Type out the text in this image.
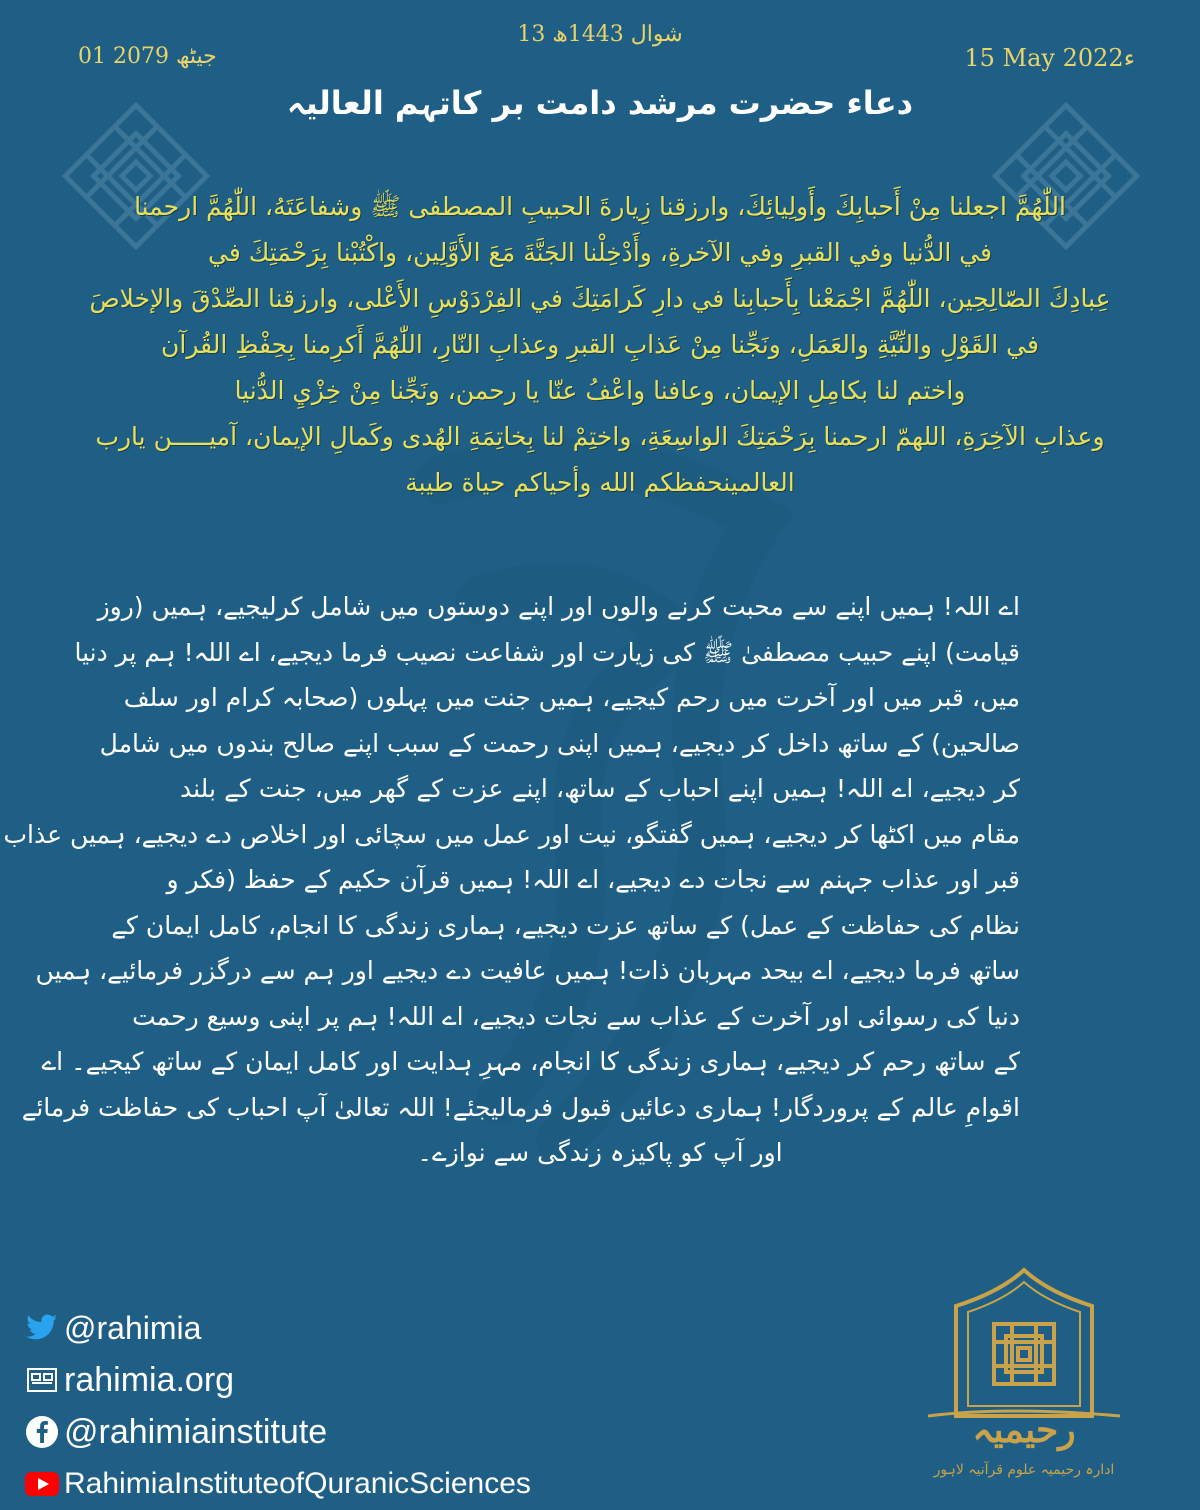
01 جیٹھ 2079
13 شوال 1443ھ
15 May 2022ء
دعاء حضرت مرشد دامت بر کاتہم العالیہ
اللّٰهُمَّ اجعلنا مِنْ أَحبابِكَ وأَولِيائِكَ، وارزقنا زِيارةَ الحبيبِ المصطفى ﷺ وشفاعَتَهُ، اللّٰهُمَّ ارحمنا
في الدُّنيا وفي القبرِ وفي الآخرةِ، وأَدْخِلْنا الجَنَّةَ مَعَ الأَوَّلِين، واكْتُبْنا بِرَحْمَتِكَ في
عِبادِكَ الصّالِحِين، اللّٰهُمَّ اجْمَعْنا بِأَحبابِنا في دارِ كَرامَتِكَ في الفِرْدَوْسِ الأَعْلى، وارزقنا الصِّدْقَ والإخلاصَ
في القَوْلِ والنِّيَّةِ والعَمَلِ، ونَجِّنا مِنْ عَذابِ القبرِ وعذابِ النّارِ، اللّٰهُمَّ أَكرِمنا بِحِفْظِ القُرآن
واختم لنا بكامِلِ الإيمان، وعافنا واعْفُ عنّا يا رحمن، ونَجِّنا مِنْ خِزْيِ الدُّنيا
وعذابِ الآخِرَةِ، اللهمّ ارحمنا بِرَحْمَتِكَ الواسِعَةِ، واختِمْ لنا بِخاتِمَةِ الهُدى وكَمالِ الإيمان، آمیـــــن یارب
العالمینحفظکم الله وأحیاکم حیاة طیبة
اے اللہ! ہمیں اپنے سے محبت کرنے والوں اور اپنے دوستوں میں شامل کرلیجیے، ہمیں (روز
قیامت) اپنے حبیب مصطفیٰ ﷺ کی زیارت اور شفاعت نصیب فرما دیجیے، اے اللہ! ہم پر دنیا
میں، قبر میں اور آخرت میں رحم کیجیے، ہمیں جنت میں پہلوں (صحابہ کرام اور سلف
صالحین) کے ساتھ داخل کر دیجیے، ہمیں اپنی رحمت کے سبب اپنے صالح بندوں میں شامل
کر دیجیے، اے اللہ! ہمیں اپنے احباب کے ساتھ، اپنے عزت کے گھر میں، جنت کے بلند
مقام میں اکٹھا کر دیجیے، ہمیں گفتگو، نیت اور عمل میں سچائی اور اخلاص دے دیجیے، ہمیں عذاب
قبر اور عذاب جہنم سے نجات دے دیجیے، اے اللہ! ہمیں قرآن حکیم کے حفظ (فکر و
نظام کی حفاظت کے عمل) کے ساتھ عزت دیجیے، ہماری زندگی کا انجام، کامل ایمان کے
ساتھ فرما دیجیے، اے بیحد مہربان ذات! ہمیں عافیت دے دیجیے اور ہم سے درگزر فرمائیے، ہمیں
دنیا کی رسوائی اور آخرت کے عذاب سے نجات دیجیے، اے اللہ! ہم پر اپنی وسیع رحمت
کے ساتھ رحم کر دیجیے، ہماری زندگی کا انجام، مہرِ ہدایت اور کامل ایمان کے ساتھ کیجیے۔ اے
اقوامِ عالم کے پروردگار! ہماری دعائیں قبول فرمالیجئے! اللہ تعالیٰ آپ احباب کی حفاظت فرمائے
اور آپ کو پاکیزہ زندگی سے نوازے۔
@rahimia
rahimia.org
@rahimiainstitute
RahimiaInstituteofQuranicSciences
رحیمیہ
ادارہ رحیمیہ علوم قرآنیہ لاہور
